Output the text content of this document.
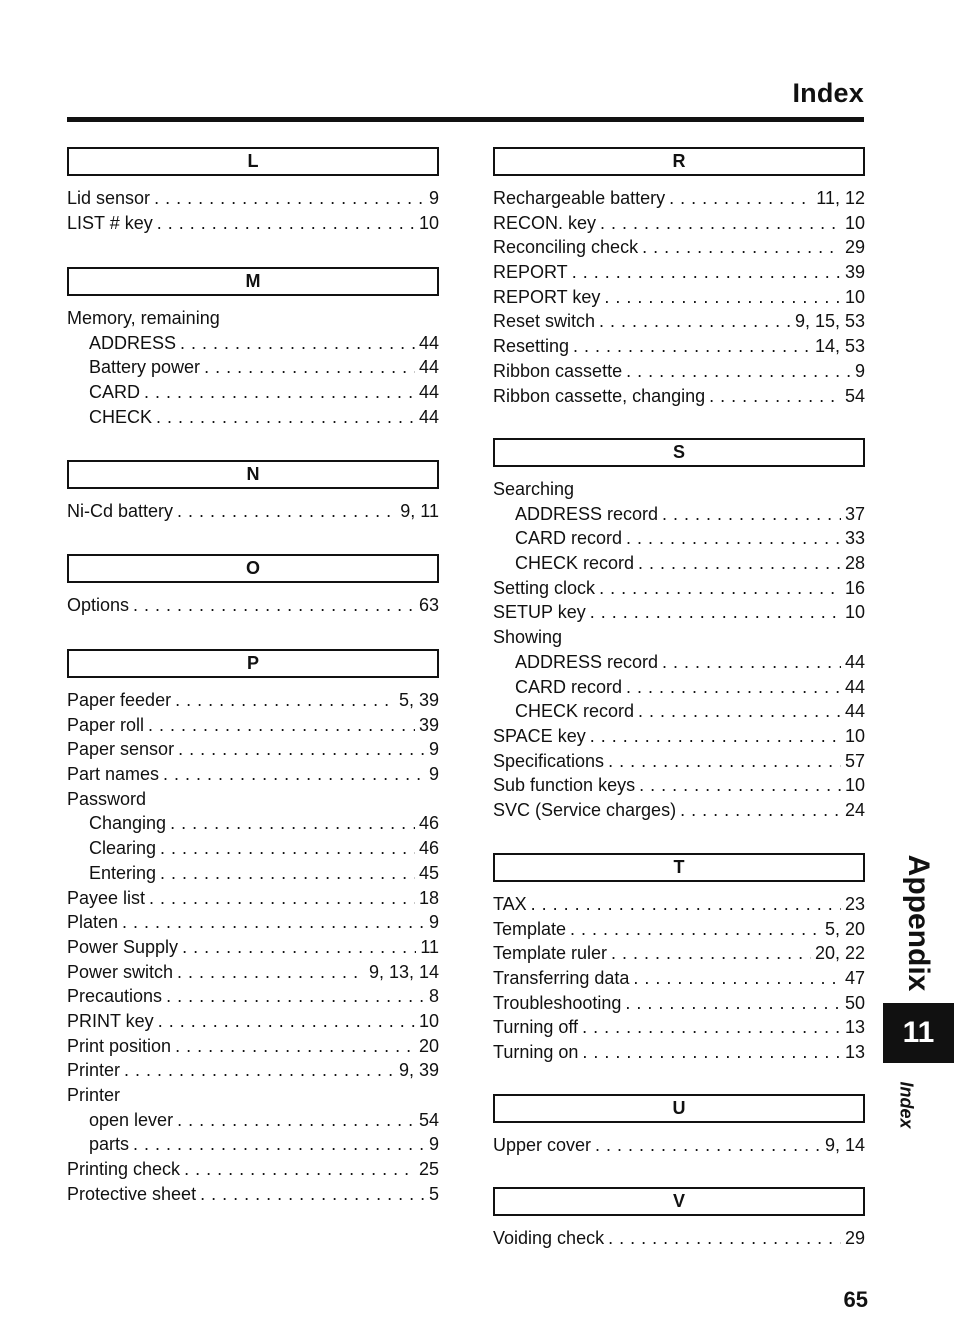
Index
L
Lid sensor . . .	9
LIST # key . . .	10
M
Memory, remaining
ADDRESS . . .	44
Battery power . . .	44
CARD . . .	44
CHECK . . .	44
N
Ni-Cd battery . . .	9, 11
O
Options . . .	63
P
Paper feeder . . .	5, 39
Paper roll . . .	39
Paper sensor . . .	9
Part names . . .	9
Password
Changing . . .	46
Clearing . . .	46
Entering . . .	45
Payee list . . .	18
Platen . . .	9
Power Supply . . .	11
Power switch . . .	9, 13, 14
Precautions . . .	8
PRINT key . . .	10
Print position . . .	20
Printer . . .	9, 39
Printer
open lever . . .	54
parts . . .	9
Printing check . . .	25
Protective sheet . . .	5
R
Rechargeable battery . . .	11, 12
RECON. key . . .	10
Reconciling check . . .	29
REPORT . . .	39
REPORT key . . .	10
Reset switch . . .	9, 15, 53
Resetting . . .	14, 53
Ribbon cassette . . .	9
Ribbon cassette, changing . . .	54
S
Searching
ADDRESS record . . .	37
CARD record . . .	33
CHECK record . . .	28
Setting clock . . .	16
SETUP key . . .	10
Showing
ADDRESS record . . .	44
CARD record . . .	44
CHECK record . . .	44
SPACE key . . .	10
Specifications . . .	57
Sub function keys . . .	10
SVC (Service charges) . . .	24
T
TAX . . .	23
Template . . .	5, 20
Template ruler . . .	20, 22
Transferring data . . .	47
Troubleshooting . . .	50
Turning off . . .	13
Turning on . . .	13
U
Upper cover . . .	9, 14
V
Voiding check . . .	29
Appendix
11
Index
65
